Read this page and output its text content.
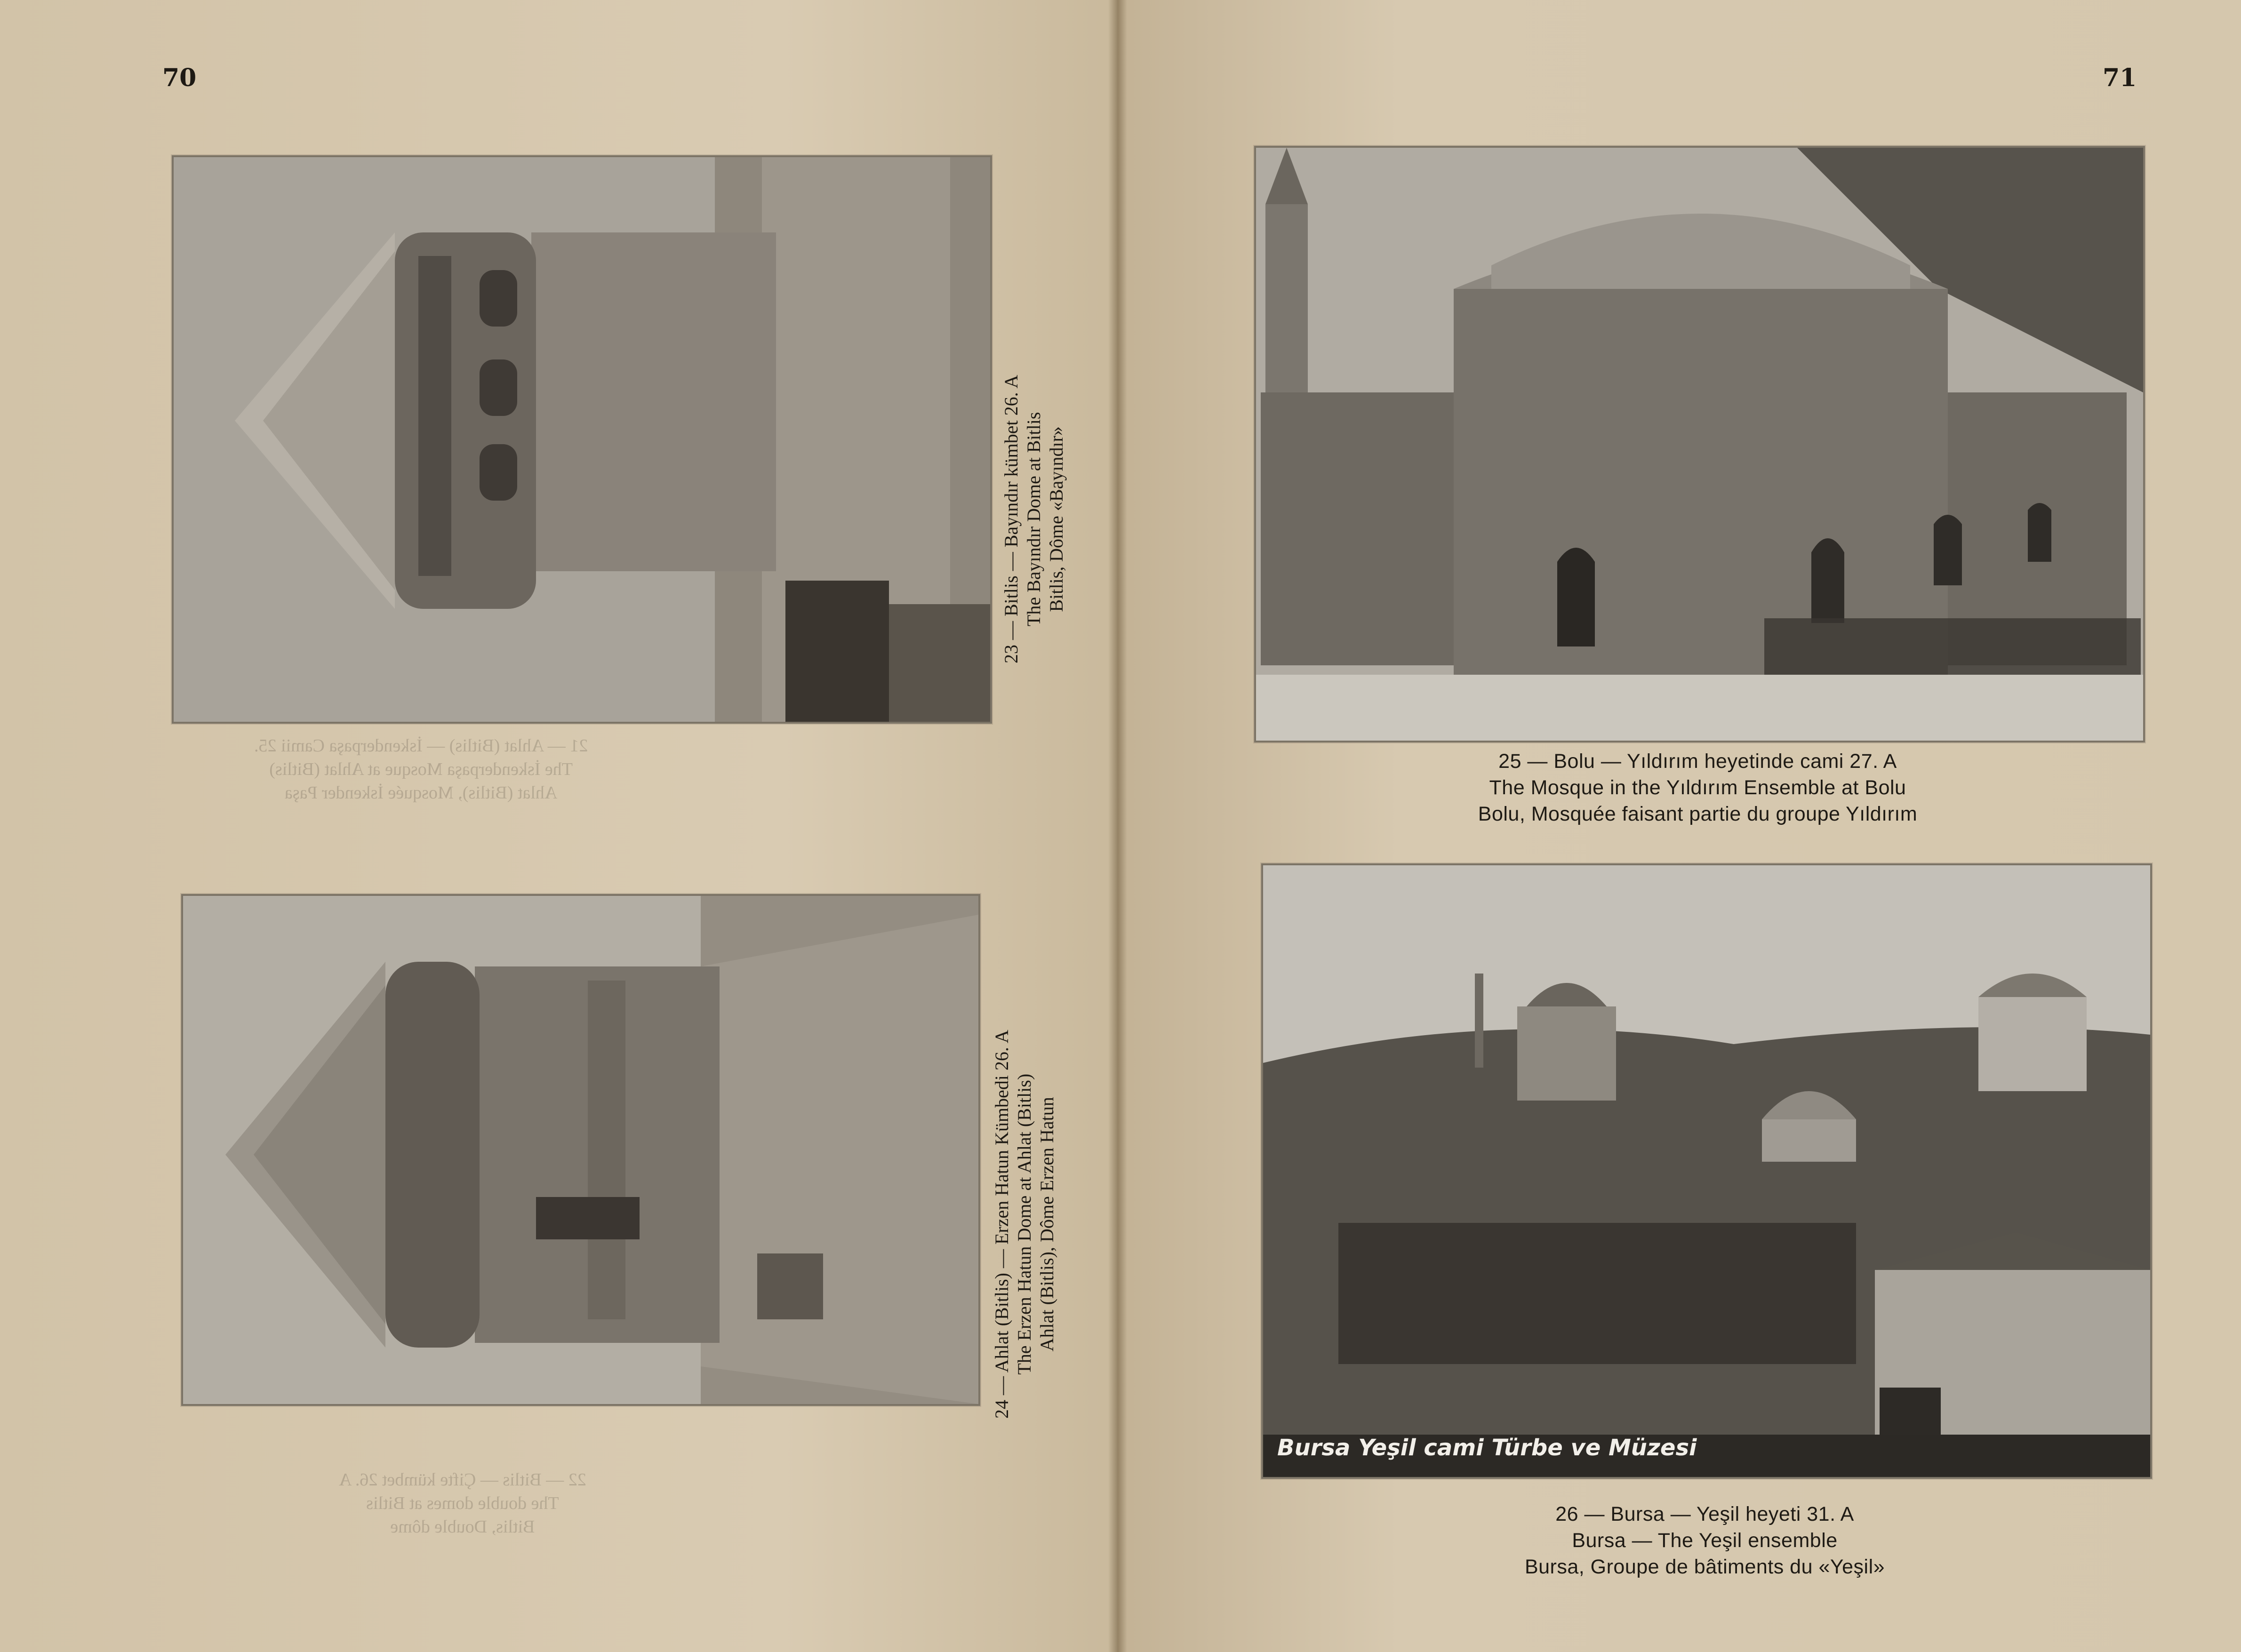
70	71
21 — Ahlat (Bitlis) — İskenderpaşa Camii 25.
The İskenderpaşa Mosque at Ahlat (Bitlis)
Ahlat (Bitlis), Mosquée İskender Paşa
22 — Bitlis — Çifte kümbet 26. A
The double domes at Bitlis
Bitlis, Double dôme
23 — Bitlis — Bayındır kümbet 26. A The Bayındır Dome at Bitlis Bitlis, Dôme «Bayındır»
24 — Ahlat (Bitlis) — Erzen Hatun Kümbedi 26. A The Erzen Hatun Dome at Ahlat (Bitlis) Ahlat (Bitlis), Dôme Erzen Hatun
25 — Bolu — Yıldırım heyetinde cami 27. A
The Mosque in the Yıldırım Ensemble at Bolu
Bolu, Mosquée faisant partie du groupe Yıldırım
Bursa Yeşil cami Türbe ve Müzesi
26 — Bursa — Yeşil heyeti 31. A
Bursa — The Yeşil ensemble
Bursa, Groupe de bâtiments du «Yeşil»
